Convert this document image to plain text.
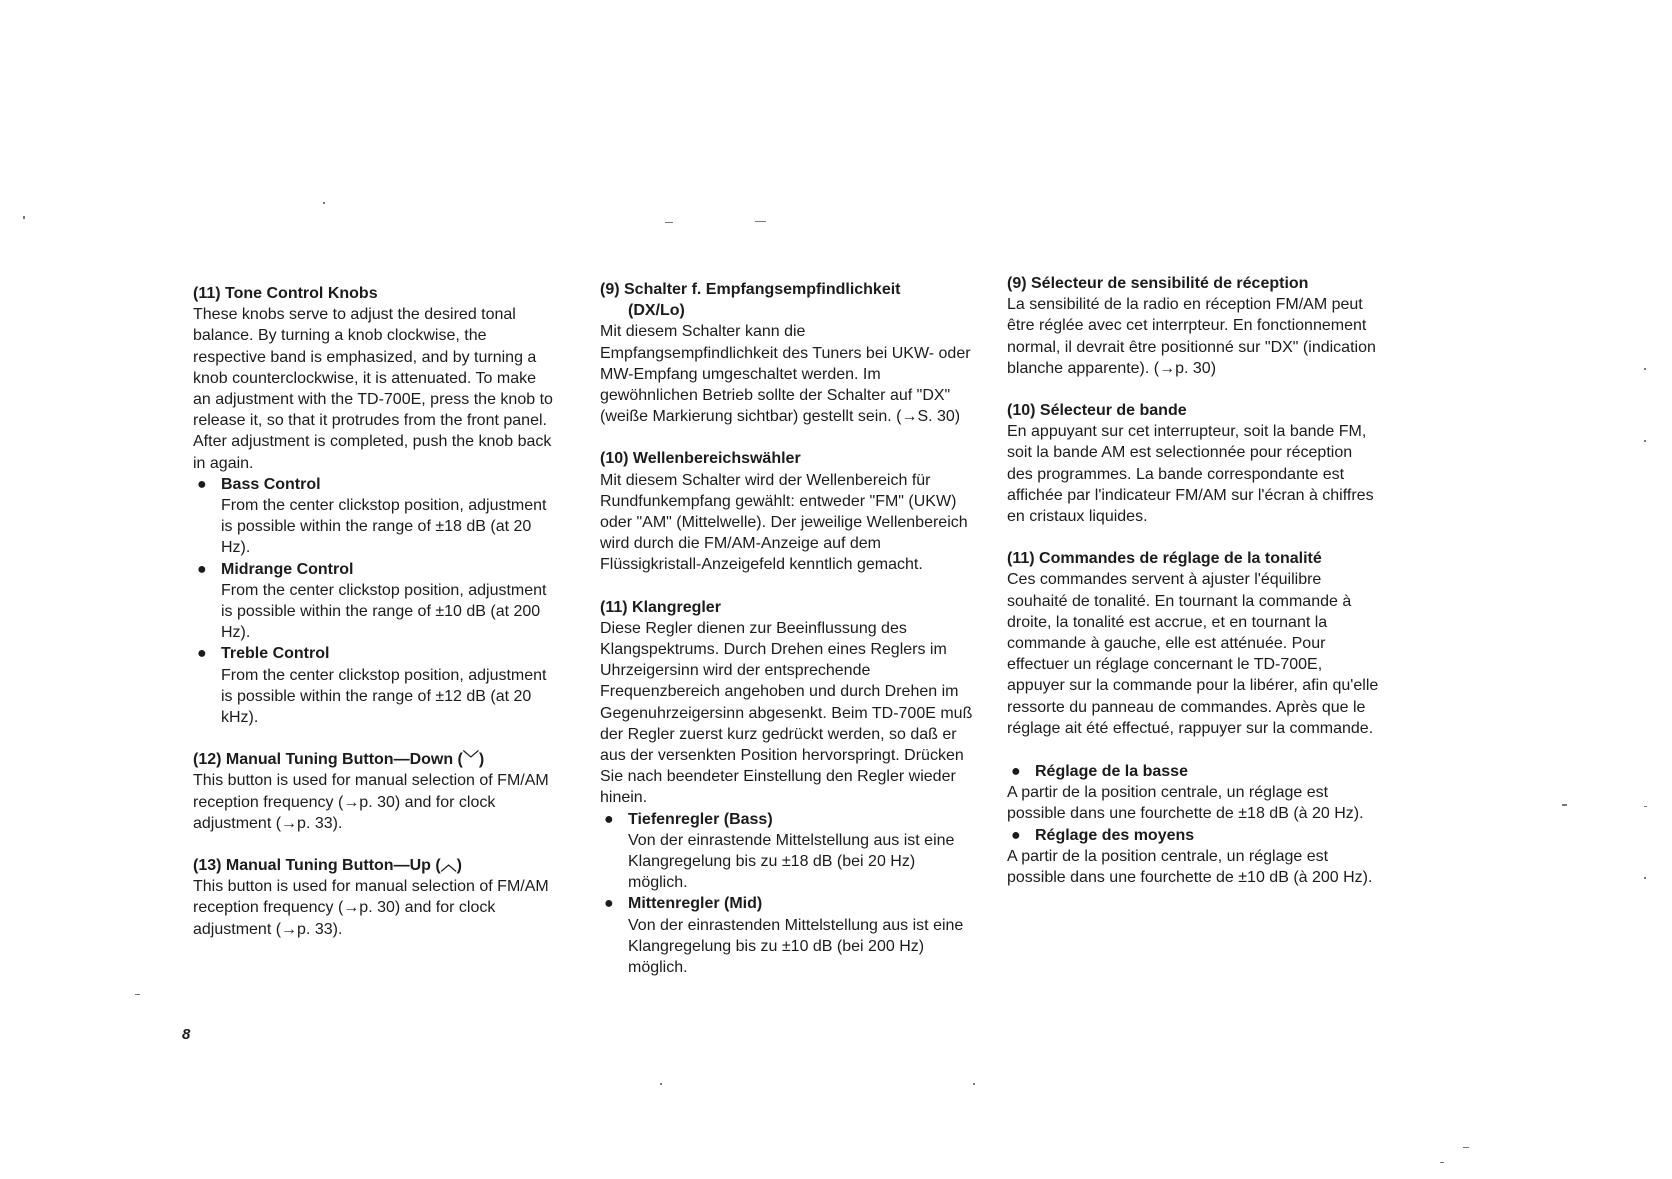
(11) Tone Control Knobs

These knobs serve to adjust the desired tonal balance. By turning a knob clockwise, the respective band is emphasized, and by turning a knob counterclockwise, it is attenuated. To make an adjustment with the TD-700E, press the knob to release it, so that it protrudes from the front panel. After adjustment is completed, push the knob back in again.

● Bass Control

From the center clickstop position, adjustment is possible within the range of ±18 dB (at 20 Hz).

● Midrange Control

From the center clickstop position, adjustment is possible within the range of ±10 dB (at 200 Hz).

● Treble Control

From the center clickstop position, adjustment is possible within the range of ±12 dB (at 20 kHz).

(12) Manual Tuning Button—Down (﹀)

This button is used for manual selection of FM/AM reception frequency (→p. 30) and for clock adjustment (→p. 33).

(13) Manual Tuning Button—Up (︿)

This button is used for manual selection of FM/AM reception frequency (→p. 30) and for clock adjustment (→p. 33).

(9) Schalter f. Empfangsempfindlichkeit
(DX/Lo)

Mit diesem Schalter kann die Empfangsempfindlichkeit des Tuners bei UKW- oder MW-Empfang umgeschaltet werden. Im gewöhnlichen Betrieb sollte der Schalter auf "DX" (weiße Markierung sichtbar) gestellt sein. (→S. 30)

(10) Wellenbereichswähler

Mit diesem Schalter wird der Wellenbereich für Rundfunkempfang gewählt: entweder "FM" (UKW) oder "AM" (Mittelwelle). Der jeweilige Wellenbereich wird durch die FM/AM-Anzeige auf dem Flüssigkristall-Anzeigefeld kenntlich gemacht.

(11) Klangregler

Diese Regler dienen zur Beeinflussung des Klangspektrums. Durch Drehen eines Reglers im Uhrzeigersinn wird der entsprechende Frequenzbereich angehoben und durch Drehen im Gegenuhrzeigersinn abgesenkt. Beim TD-700E muß der Regler zuerst kurz gedrückt werden, so daß er aus der versenkten Position hervorspringt. Drücken Sie nach beendeter Einstellung den Regler wieder hinein.

● Tiefenregler (Bass)

Von der einrastende Mittelstellung aus ist eine Klangregelung bis zu ±18 dB (bei 20 Hz) möglich.

● Mittenregler (Mid)

Von der einrastenden Mittelstellung aus ist eine Klangregelung bis zu ±10 dB (bei 200 Hz) möglich.

(9) Sélecteur de sensibilité de réception

La sensibilité de la radio en réception FM/AM peut être réglée avec cet interrpteur. En fonctionnement normal, il devrait être positionné sur "DX" (indication blanche apparente). (→p. 30)

(10) Sélecteur de bande

En appuyant sur cet interrupteur, soit la bande FM, soit la bande AM est selectionnée pour réception des programmes. La bande correspondante est affichée par l'indicateur FM/AM sur l'écran à chiffres en cristaux liquides.

(11) Commandes de réglage de la tonalité

Ces commandes servent à ajuster l'équilibre souhaité de tonalité. En tournant la commande à droite, la tonalité est accrue, et en tournant la commande à gauche, elle est atténuée. Pour effectuer un réglage concernant le TD-700E, appuyer sur la commande pour la libérer, afin qu'elle ressorte du panneau de commandes. Après que le réglage ait été effectué, rappuyer sur la commande.

● Réglage de la basse

A partir de la position centrale, un réglage est possible dans une fourchette de ±18 dB (à 20 Hz).

● Réglage des moyens

A partir de la position centrale, un réglage est possible dans une fourchette de ±10 dB (à 200 Hz).

8
